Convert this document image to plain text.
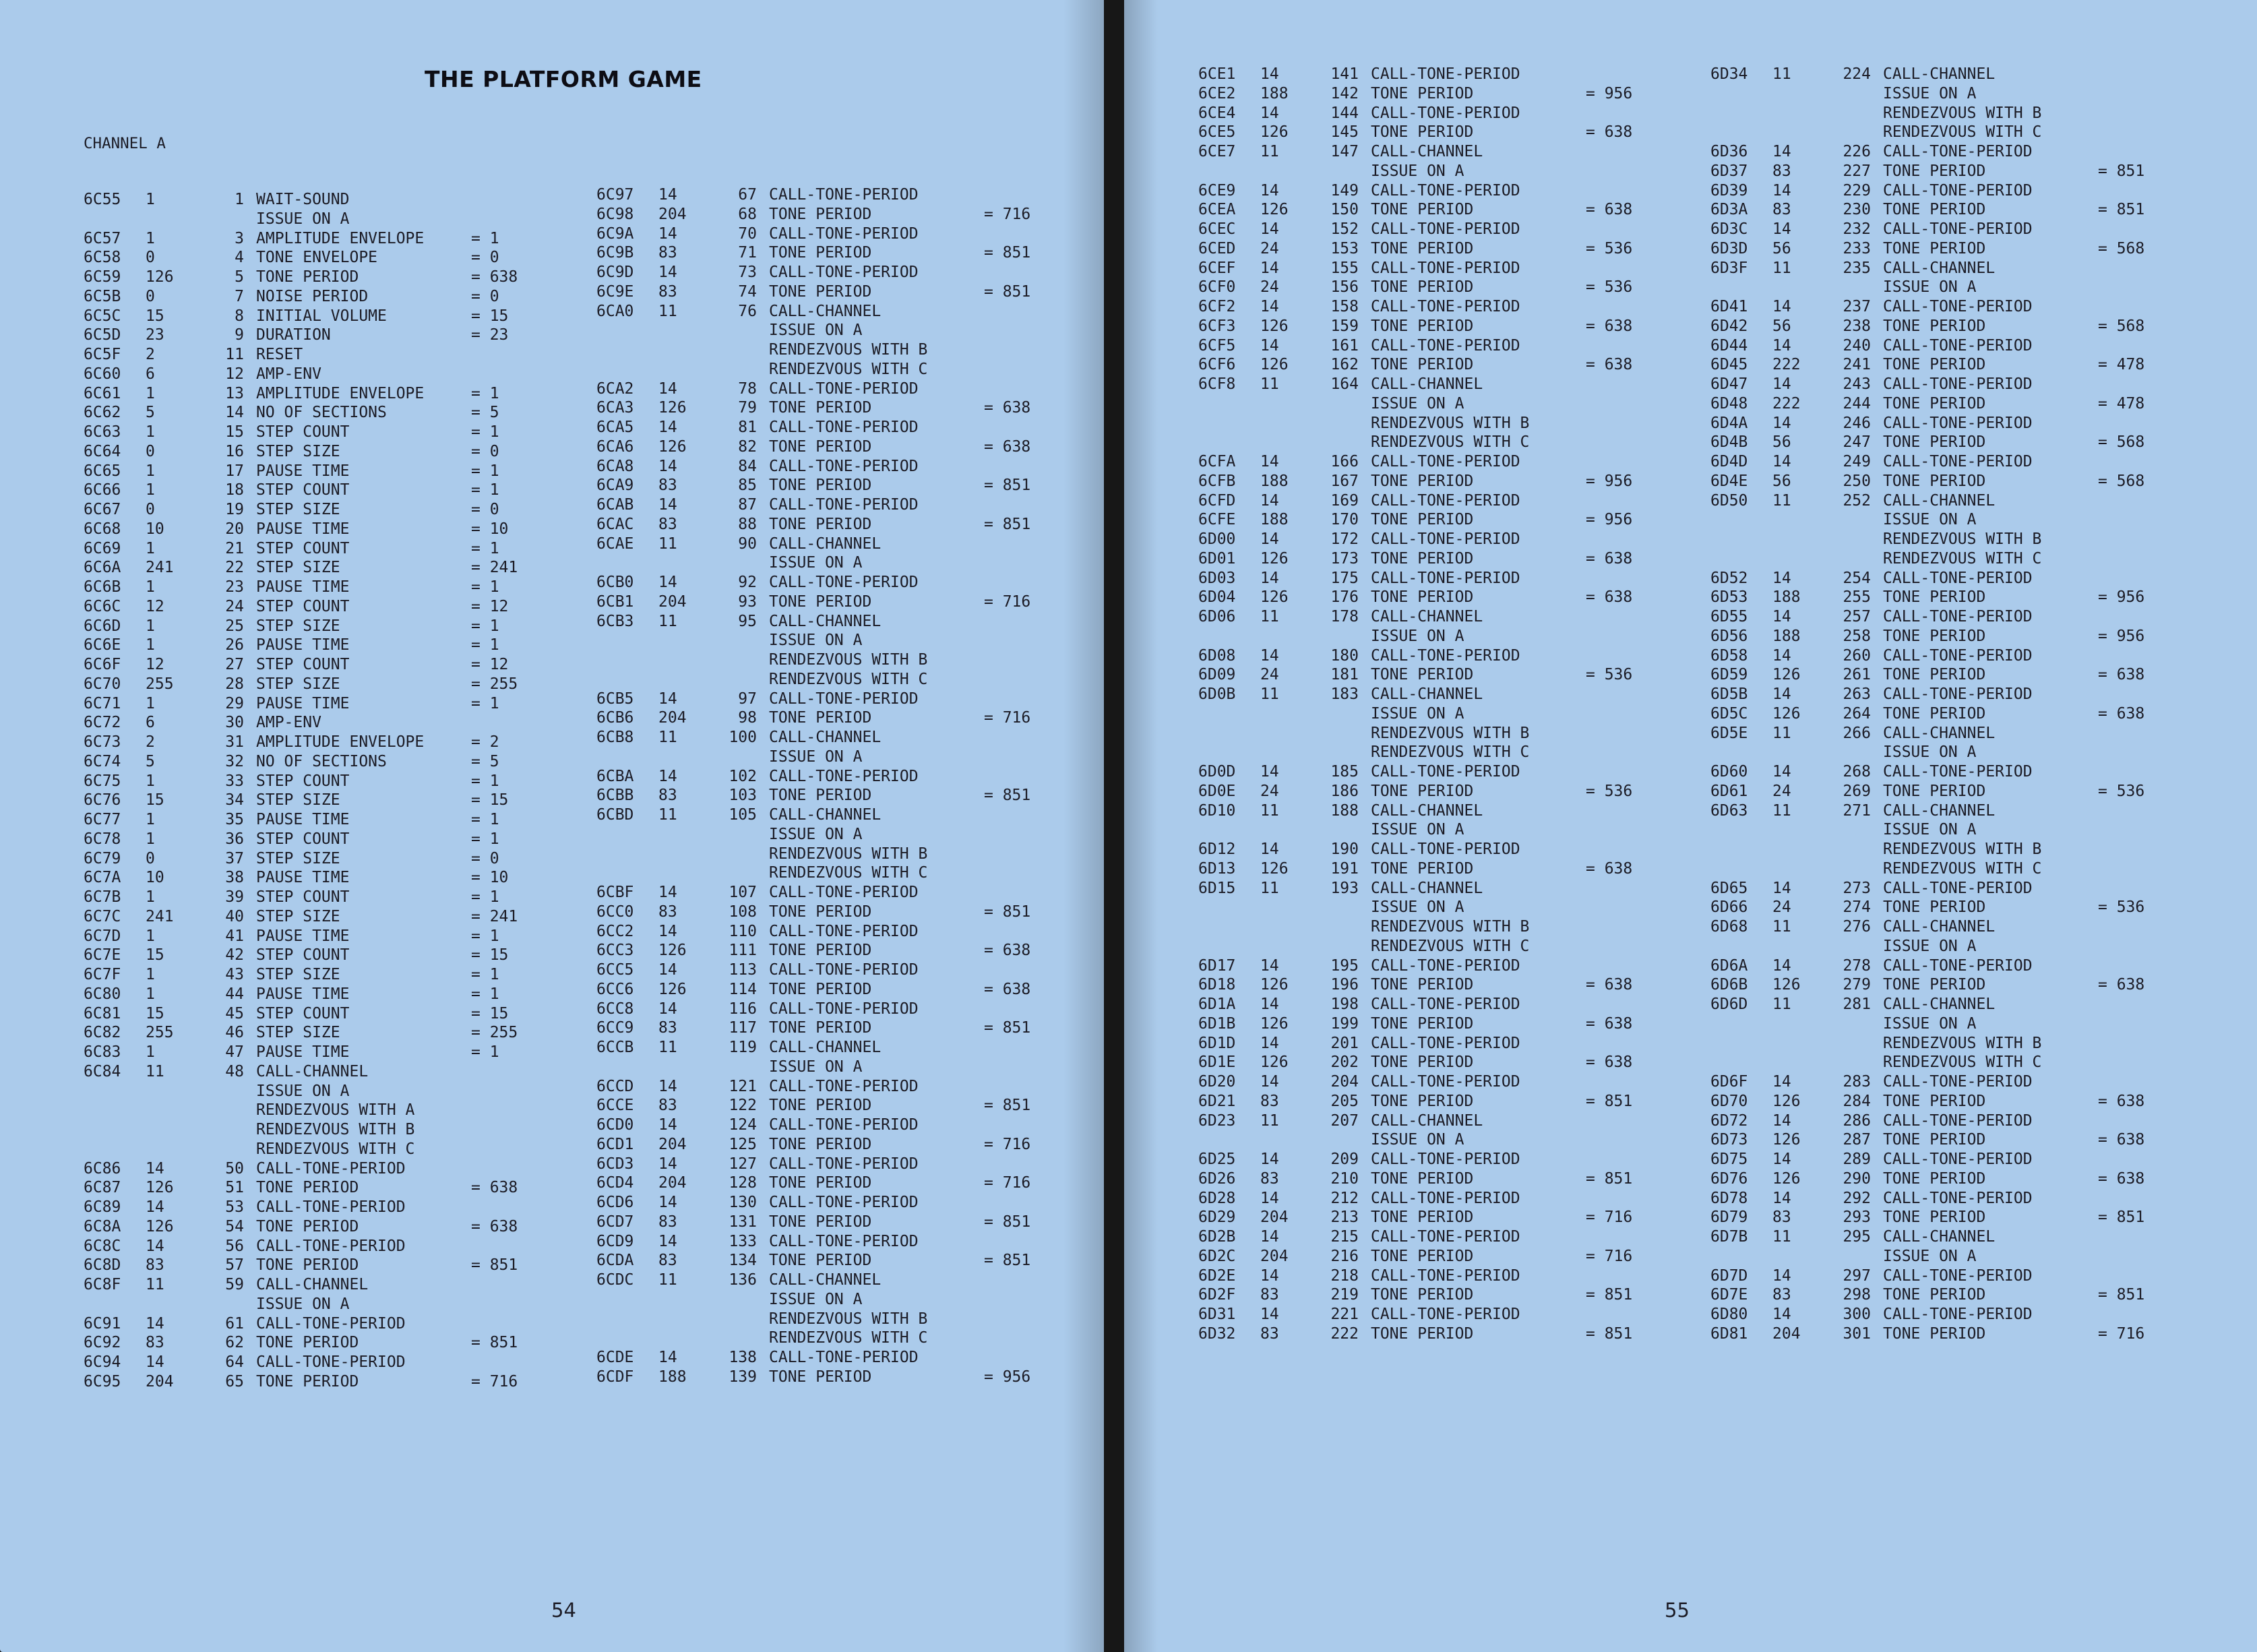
THE PLATFORM GAME
CHANNEL A
6C55 1	1 WAIT-SOUND
ISSUE ON A
6C57 1	3 AMPLITUDE ENVELOPE	= 1
6C58 0	4 TONE ENVELOPE	= 0
6C59 126	5 TONE PERIOD	= 638
6C5B 0	7 NOISE PERIOD	= 0
6C5C 15	8 INITIAL VOLUME	= 15
6C5D 23	9 DURATION	= 23
6C5F 2	11 RESET
6C60 6	12 AMP-ENV
6C61 1	13 AMPLITUDE ENVELOPE	= 1
6C62 5	14 NO OF SECTIONS	= 5
6C63 1	15 STEP COUNT	= 1
6C64 0	16 STEP SIZE	= 0
6C65 1	17 PAUSE TIME	= 1
6C66 1	18 STEP COUNT	= 1
6C67 0	19 STEP SIZE	= 0
6C68 10	20 PAUSE TIME	= 10
6C69 1	21 STEP COUNT	= 1
6C6A 241	22 STEP SIZE	= 241
6C6B 1	23 PAUSE TIME	= 1
6C6C 12	24 STEP COUNT	= 12
6C6D 1	25 STEP SIZE	= 1
6C6E 1	26 PAUSE TIME	= 1
6C6F 12	27 STEP COUNT	= 12
6C70 255	28 STEP SIZE	= 255
6C71 1	29 PAUSE TIME	= 1
6C72 6	30 AMP-ENV
6C73 2	31 AMPLITUDE ENVELOPE	= 2
6C74 5	32 NO OF SECTIONS	= 5
6C75 1	33 STEP COUNT	= 1
6C76 15	34 STEP SIZE	= 15
6C77 1	35 PAUSE TIME	= 1
6C78 1	36 STEP COUNT	= 1
6C79 0	37 STEP SIZE	= 0
6C7A 10	38 PAUSE TIME	= 10
6C7B 1	39 STEP COUNT	= 1
6C7C 241	40 STEP SIZE	= 241
6C7D 1	41 PAUSE TIME	= 1
6C7E 15	42 STEP COUNT	= 15
6C7F 1	43 STEP SIZE	= 1
6C80 1	44 PAUSE TIME	= 1
6C81 15	45 STEP COUNT	= 15
6C82 255	46 STEP SIZE	= 255
6C83 1	47 PAUSE TIME	= 1
6C84 11	48 CALL-CHANNEL
ISSUE ON A
RENDEZVOUS WITH A
RENDEZVOUS WITH B
RENDEZVOUS WITH C
6C86 14	50 CALL-TONE-PERIOD
6C87 126	51 TONE PERIOD	= 638
6C89 14	53 CALL-TONE-PERIOD
6C8A 126	54 TONE PERIOD	= 638
6C8C 14	56 CALL-TONE-PERIOD
6C8D 83	57 TONE PERIOD	= 851
6C8F 11	59 CALL-CHANNEL
ISSUE ON A
6C91 14	61 CALL-TONE-PERIOD
6C92 83	62 TONE PERIOD	= 851
6C94 14	64 CALL-TONE-PERIOD
6C95 204	65 TONE PERIOD	= 716
6C97 14	67 CALL-TONE-PERIOD
6C98 204	68 TONE PERIOD	= 716
6C9A 14	70 CALL-TONE-PERIOD
6C9B 83	71 TONE PERIOD	= 851
6C9D 14	73 CALL-TONE-PERIOD
6C9E 83	74 TONE PERIOD	= 851
6CA0 11	76 CALL-CHANNEL
ISSUE ON A
RENDEZVOUS WITH B
RENDEZVOUS WITH C
6CA2 14	78 CALL-TONE-PERIOD
6CA3 126	79 TONE PERIOD	= 638
6CA5 14	81 CALL-TONE-PERIOD
6CA6 126	82 TONE PERIOD	= 638
6CA8 14	84 CALL-TONE-PERIOD
6CA9 83	85 TONE PERIOD	= 851
6CAB 14	87 CALL-TONE-PERIOD
6CAC 83	88 TONE PERIOD	= 851
6CAE 11	90 CALL-CHANNEL
ISSUE ON A
6CB0 14	92 CALL-TONE-PERIOD
6CB1 204	93 TONE PERIOD	= 716
6CB3 11	95 CALL-CHANNEL
ISSUE ON A
RENDEZVOUS WITH B
RENDEZVOUS WITH C
6CB5 14	97 CALL-TONE-PERIOD
6CB6 204	98 TONE PERIOD	= 716
6CB8 11	100 CALL-CHANNEL
ISSUE ON A
6CBA 14	102 CALL-TONE-PERIOD
6CBB 83	103 TONE PERIOD	= 851
6CBD 11	105 CALL-CHANNEL
ISSUE ON A
RENDEZVOUS WITH B
RENDEZVOUS WITH C
6CBF 14	107 CALL-TONE-PERIOD
6CC0 83	108 TONE PERIOD	= 851
6CC2 14	110 CALL-TONE-PERIOD
6CC3 126	111 TONE PERIOD	= 638
6CC5 14	113 CALL-TONE-PERIOD
6CC6 126	114 TONE PERIOD	= 638
6CC8 14	116 CALL-TONE-PERIOD
6CC9 83	117 TONE PERIOD	= 851
6CCB 11	119 CALL-CHANNEL
ISSUE ON A
6CCD 14	121 CALL-TONE-PERIOD
6CCE 83	122 TONE PERIOD	= 851
6CD0 14	124 CALL-TONE-PERIOD
6CD1 204	125 TONE PERIOD	= 716
6CD3 14	127 CALL-TONE-PERIOD
6CD4 204	128 TONE PERIOD	= 716
6CD6 14	130 CALL-TONE-PERIOD
6CD7 83	131 TONE PERIOD	= 851
6CD9 14	133 CALL-TONE-PERIOD
6CDA 83	134 TONE PERIOD	= 851
6CDC 11	136 CALL-CHANNEL
ISSUE ON A
RENDEZVOUS WITH B
RENDEZVOUS WITH C
6CDE 14	138 CALL-TONE-PERIOD
6CDF 188	139 TONE PERIOD	= 956
54
6CE1 14	141 CALL-TONE-PERIOD
6CE2 188	142 TONE PERIOD	= 956
6CE4 14	144 CALL-TONE-PERIOD
6CE5 126	145 TONE PERIOD	= 638
6CE7 11	147 CALL-CHANNEL
ISSUE ON A
6CE9 14	149 CALL-TONE-PERIOD
6CEA 126	150 TONE PERIOD	= 638
6CEC 14	152 CALL-TONE-PERIOD
6CED 24	153 TONE PERIOD	= 536
6CEF 14	155 CALL-TONE-PERIOD
6CF0 24	156 TONE PERIOD	= 536
6CF2 14	158 CALL-TONE-PERIOD
6CF3 126	159 TONE PERIOD	= 638
6CF5 14	161 CALL-TONE-PERIOD
6CF6 126	162 TONE PERIOD	= 638
6CF8 11	164 CALL-CHANNEL
ISSUE ON A
RENDEZVOUS WITH B
RENDEZVOUS WITH C
6CFA 14	166 CALL-TONE-PERIOD
6CFB 188	167 TONE PERIOD	= 956
6CFD 14	169 CALL-TONE-PERIOD
6CFE 188	170 TONE PERIOD	= 956
6D00 14	172 CALL-TONE-PERIOD
6D01 126	173 TONE PERIOD	= 638
6D03 14	175 CALL-TONE-PERIOD
6D04 126	176 TONE PERIOD	= 638
6D06 11	178 CALL-CHANNEL
ISSUE ON A
6D08 14	180 CALL-TONE-PERIOD
6D09 24	181 TONE PERIOD	= 536
6D0B 11	183 CALL-CHANNEL
ISSUE ON A
RENDEZVOUS WITH B
RENDEZVOUS WITH C
6D0D 14	185 CALL-TONE-PERIOD
6D0E 24	186 TONE PERIOD	= 536
6D10 11	188 CALL-CHANNEL
ISSUE ON A
6D12 14	190 CALL-TONE-PERIOD
6D13 126	191 TONE PERIOD	= 638
6D15 11	193 CALL-CHANNEL
ISSUE ON A
RENDEZVOUS WITH B
RENDEZVOUS WITH C
6D17 14	195 CALL-TONE-PERIOD
6D18 126	196 TONE PERIOD	= 638
6D1A 14	198 CALL-TONE-PERIOD
6D1B 126	199 TONE PERIOD	= 638
6D1D 14	201 CALL-TONE-PERIOD
6D1E 126	202 TONE PERIOD	= 638
6D20 14	204 CALL-TONE-PERIOD
6D21 83	205 TONE PERIOD	= 851
6D23 11	207 CALL-CHANNEL
ISSUE ON A
6D25 14	209 CALL-TONE-PERIOD
6D26 83	210 TONE PERIOD	= 851
6D28 14	212 CALL-TONE-PERIOD
6D29 204	213 TONE PERIOD	= 716
6D2B 14	215 CALL-TONE-PERIOD
6D2C 204	216 TONE PERIOD	= 716
6D2E 14	218 CALL-TONE-PERIOD
6D2F 83	219 TONE PERIOD	= 851
6D31 14	221 CALL-TONE-PERIOD
6D32 83	222 TONE PERIOD	= 851
6D34 11	224 CALL-CHANNEL
ISSUE ON A
RENDEZVOUS WITH B
RENDEZVOUS WITH C
6D36 14	226 CALL-TONE-PERIOD
6D37 83	227 TONE PERIOD	= 851
6D39 14	229 CALL-TONE-PERIOD
6D3A 83	230 TONE PERIOD	= 851
6D3C 14	232 CALL-TONE-PERIOD
6D3D 56	233 TONE PERIOD	= 568
6D3F 11	235 CALL-CHANNEL
ISSUE ON A
6D41 14	237 CALL-TONE-PERIOD
6D42 56	238 TONE PERIOD	= 568
6D44 14	240 CALL-TONE-PERIOD
6D45 222	241 TONE PERIOD	= 478
6D47 14	243 CALL-TONE-PERIOD
6D48 222	244 TONE PERIOD	= 478
6D4A 14	246 CALL-TONE-PERIOD
6D4B 56	247 TONE PERIOD	= 568
6D4D 14	249 CALL-TONE-PERIOD
6D4E 56	250 TONE PERIOD	= 568
6D50 11	252 CALL-CHANNEL
ISSUE ON A
RENDEZVOUS WITH B
RENDEZVOUS WITH C
6D52 14	254 CALL-TONE-PERIOD
6D53 188	255 TONE PERIOD	= 956
6D55 14	257 CALL-TONE-PERIOD
6D56 188	258 TONE PERIOD	= 956
6D58 14	260 CALL-TONE-PERIOD
6D59 126	261 TONE PERIOD	= 638
6D5B 14	263 CALL-TONE-PERIOD
6D5C 126	264 TONE PERIOD	= 638
6D5E 11	266 CALL-CHANNEL
ISSUE ON A
6D60 14	268 CALL-TONE-PERIOD
6D61 24	269 TONE PERIOD	= 536
6D63 11	271 CALL-CHANNEL
ISSUE ON A
RENDEZVOUS WITH B
RENDEZVOUS WITH C
6D65 14	273 CALL-TONE-PERIOD
6D66 24	274 TONE PERIOD	= 536
6D68 11	276 CALL-CHANNEL
ISSUE ON A
6D6A 14	278 CALL-TONE-PERIOD
6D6B 126	279 TONE PERIOD	= 638
6D6D 11	281 CALL-CHANNEL
ISSUE ON A
RENDEZVOUS WITH B
RENDEZVOUS WITH C
6D6F 14	283 CALL-TONE-PERIOD
6D70 126	284 TONE PERIOD	= 638
6D72 14	286 CALL-TONE-PERIOD
6D73 126	287 TONE PERIOD	= 638
6D75 14	289 CALL-TONE-PERIOD
6D76 126	290 TONE PERIOD	= 638
6D78 14	292 CALL-TONE-PERIOD
6D79 83	293 TONE PERIOD	= 851
6D7B 11	295 CALL-CHANNEL
ISSUE ON A
6D7D 14	297 CALL-TONE-PERIOD
6D7E 83	298 TONE PERIOD	= 851
6D80 14	300 CALL-TONE-PERIOD
6D81 204	301 TONE PERIOD	= 716
55
